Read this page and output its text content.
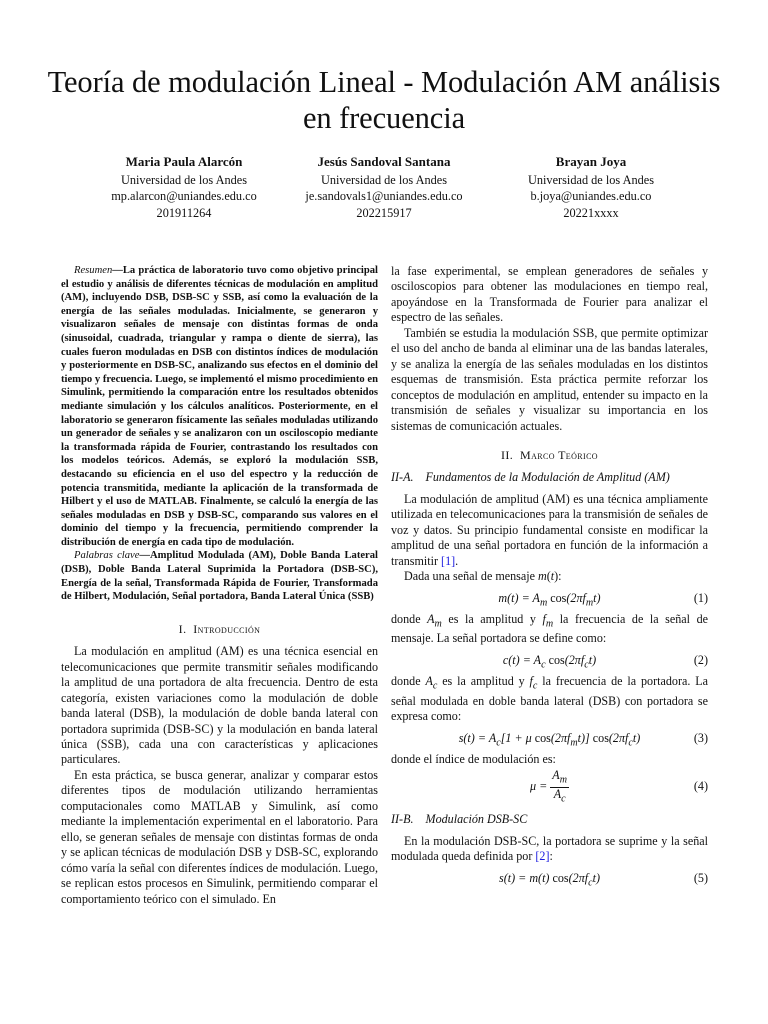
Teoría de modulación Lineal - Modulación AM análisis en frecuencia
Maria Paula Alarcón
Universidad de los Andes
mp.alarcon@uniandes.edu.co
201911264
Jesús Sandoval Santana
Universidad de los Andes
je.sandovals1@uniandes.edu.co
202215917
Brayan Joya
Universidad de los Andes
b.joya@uniandes.edu.co
20221xxxx

Resumen—La práctica de laboratorio tuvo como objetivo principal el estudio y análisis de diferentes técnicas de modulación en amplitud (AM), incluyendo DSB, DSB-SC y SSB, así como la evaluación de la energía de las señales moduladas. Inicialmente, se generaron y visualizaron señales de mensaje con distintas formas de onda (sinusoidal, cuadrada, triangular y rampa o diente de sierra), las cuales fueron moduladas en DSB con distintos índices de modulación y posteriormente en DSB-SC, analizando sus efectos en el dominio del tiempo y frecuencia. Luego, se implementó el mismo procedimiento en Simulink, permitiendo la comparación entre los resultados obtenidos mediante simulación y los cálculos analíticos. Posteriormente, en el laboratorio se generaron físicamente las señales moduladas utilizando un generador de señales y se analizaron con un osciloscopio mediante la transformada rápida de Fourier, contrastando los resultados con los modelos teóricos. Además, se exploró la modulación SSB, destacando su eficiencia en el uso del espectro y la reducción de potencia transmitida, mediante la aplicación de la transformada de Hilbert y el uso de MATLAB. Finalmente, se calculó la energía de las señales moduladas en DSB y DSB-SC, comparando sus valores en el dominio del tiempo y la frecuencia, permitiendo comprender la distribución de energía en cada tipo de modulación.

Palabras clave—Amplitud Modulada (AM), Doble Banda Lateral (DSB), Doble Banda Lateral Suprimida la Portadora (DSB-SC), Energía de la señal, Transformada Rápida de Fourier, Transformada de Hilbert, Modulación, Señal portadora, Banda Lateral Única (SSB)

I. Introducción

La modulación en amplitud (AM) es una técnica esencial en telecomunicaciones que permite transmitir señales modificando la amplitud de una portadora de alta frecuencia. Dentro de esta categoría, existen variaciones como la modulación de doble banda lateral (DSB), la modulación de doble banda lateral con portadora suprimida (DSB-SC) y la modulación en banda lateral única (SSB), cada una con características y aplicaciones particulares.

En esta práctica, se busca generar, analizar y comparar estos diferentes tipos de modulación utilizando herramientas computacionales como MATLAB y Simulink, así como mediante la implementación experimental en el laboratorio. Para ello, se generan señales de mensaje con distintas formas de onda y se aplican técnicas de modulación DSB y DSB-SC, explorando cómo varía la señal con diferentes índices de modulación. Luego, se replican estos procesos en Simulink, permitiendo comparar el comportamiento teórico con el simulado. En

la fase experimental, se emplean generadores de señales y osciloscopios para obtener las modulaciones en tiempo real, apoyándose en la Transformada de Fourier para analizar el espectro de las señales.

También se estudia la modulación SSB, que permite optimizar el uso del ancho de banda al eliminar una de las bandas laterales, y se analiza la energía de las señales moduladas en los distintos esquemas de transmisión. Esta práctica permite reforzar los conceptos de modulación en amplitud, entender su impacto en la transmisión de señales y visualizar su importancia en los sistemas de comunicación actuales.

II. Marco Teórico
II-A. Fundamentos de la Modulación de Amplitud (AM)

La modulación de amplitud (AM) es una técnica ampliamente utilizada en telecomunicaciones para la transmisión de señales de voz y datos. Su principio fundamental consiste en modificar la amplitud de una señal portadora en función de la información a transmitir [1].

Dada una señal de mensaje m(t):

$m(t) = A_m$ $\cos(2\pi f_mt)$	(1)

donde $A_m$ es la amplitud y $f_m$ la frecuencia de la señal de mensaje. La señal portadora se define como:

$c(t) = A_c$ $\cos(2\pi f_ct)$	(2)

donde $A_c$ es la amplitud y $f_c$ la frecuencia de la portadora. La señal modulada en doble banda lateral (DSB) con portadora se expresa como:

$s(t) = A_c[1 + \mu$ $\cos(2\pi f_mt)$] $\cos(2\pi f_ct)$	(3)

donde el índice de modulación es:

$\mu = \frac{A_m}{A_c}$	(4)
II-B. Modulación DSB-SC

En la modulación DSB-SC, la portadora se suprime y la señal modulada queda definida por [2]:

s(t) = m(t) $\cos(2\pi f_ct)$	(5)
